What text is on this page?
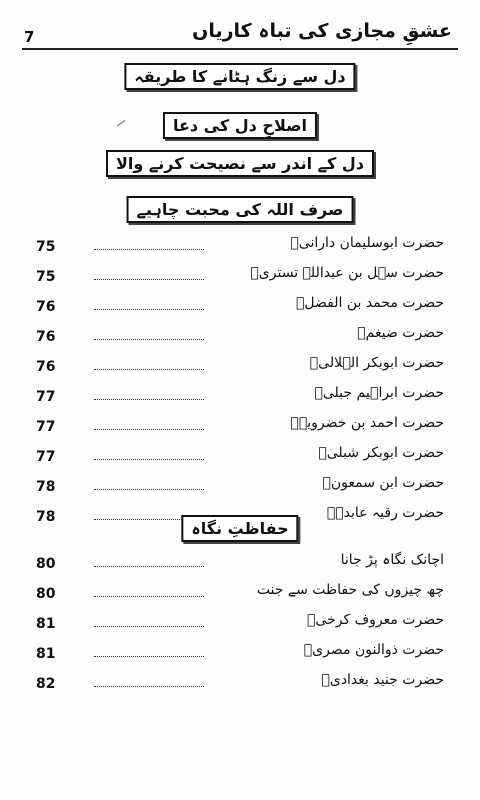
7	عشقِ مجازی کی تباہ کاریاں
دل سے زنگ ہٹانے کا طریقہ
اصلاحِ دل کی دعا
دل کے اندر سے نصیحت کرنے والا
صرف اللہ کی محبت چاہیے
75	حضرت ابوسلیمان دارانیؒ
75	حضرت سہل بن عبداللہ تستریؒ
76	حضرت محمد بن الفضلؒ
76	حضرت ضیغمؒ
76	حضرت ابوبکر الہلالیؒ
77	حضرت ابراہیم جبلیؒ
77	حضرت احمد بن خضرویہؒ
77	حضرت ابوبکر شبلیؒ
78	حضرت ابن سمعونؒ
78	حضرت رقیہ عابدہؒ
حفاظتِ نگاہ
80	اچانک نگاہ پڑ جانا
80	چھ چیزوں کی حفاظت سے جنت
81	حضرت معروف کرخیؒ
81	حضرت ذوالنون مصریؒ
82	حضرت جنید بغدادیؒ
